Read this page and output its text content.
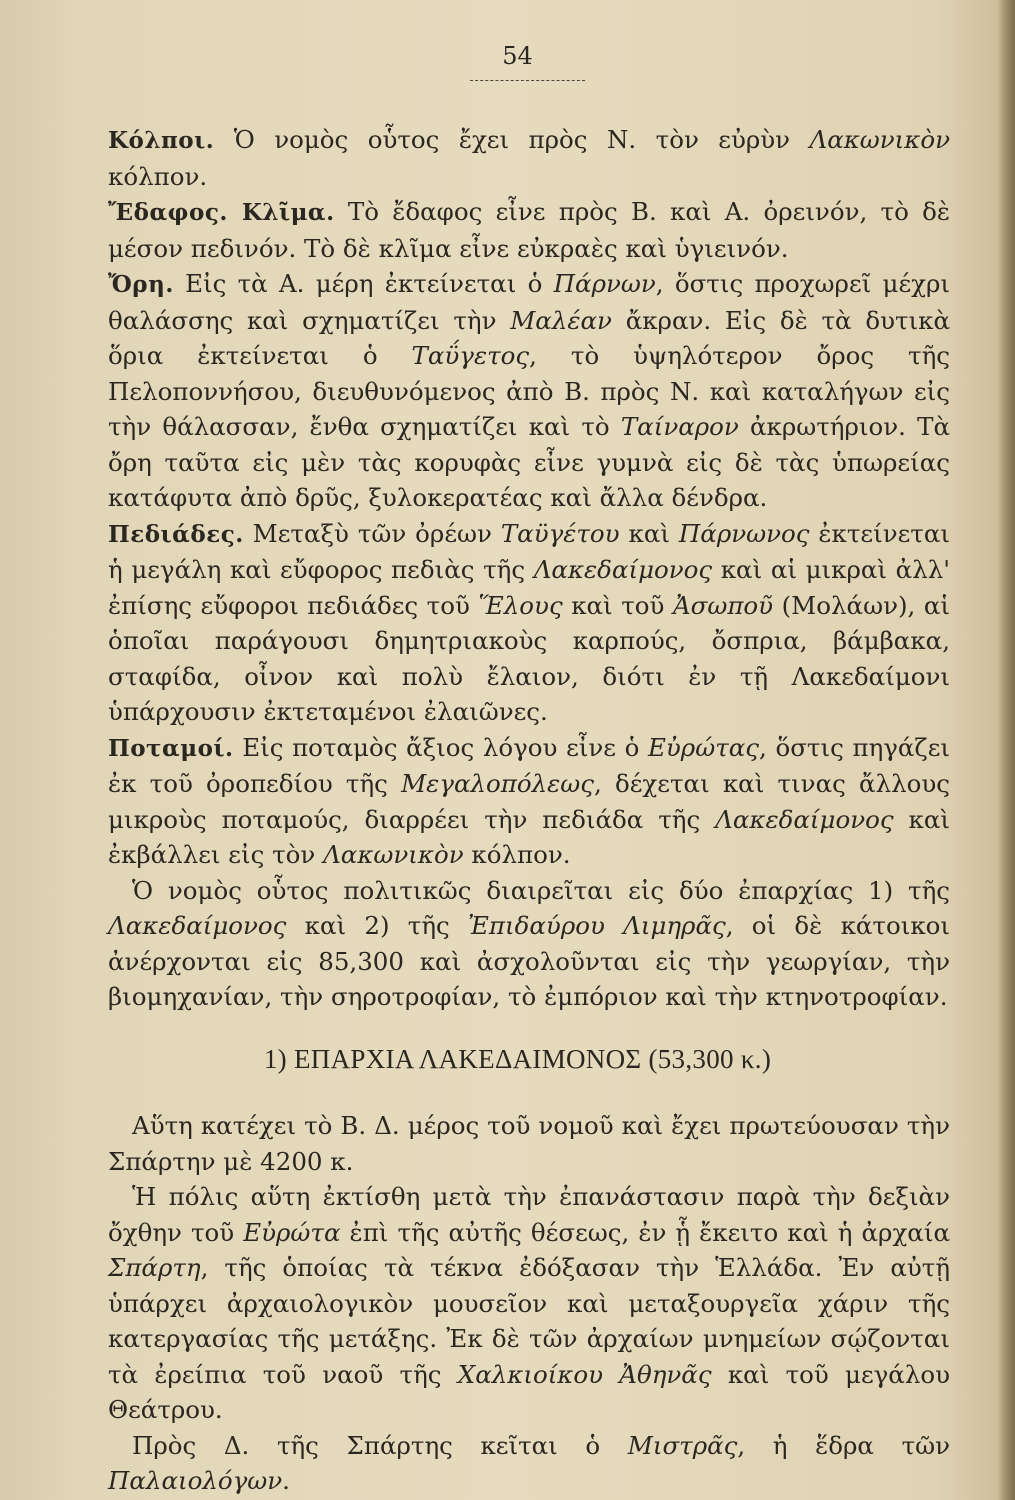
54

Κόλποι. Ὁ νομὸς οὗτος ἔχει πρὸς Ν. τὸν εὐρὺν Λακωνικὸν κόλπον.

Ἔδαφος. Κλῖμα. Τὸ ἔδαφος εἶνε πρὸς Β. καὶ Α. ὀρεινόν, τὸ δὲ μέσον πεδινόν. Τὸ δὲ κλῖμα εἶνε εὐκραὲς καὶ ὑγιεινόν.

Ὄρη. Εἰς τὰ Α. μέρη ἐκτείνεται ὁ Πάρνων, ὅστις προχωρεῖ μέχρι θαλάσσης καὶ σχηματίζει τὴν Μαλέαν ἄκραν. Εἰς δὲ τὰ δυτικὰ ὅρια ἐκτείνεται ὁ Ταΰγετος, τὸ ὑψηλότερον ὄρος τῆς Πελοποννήσου, διευθυνόμενος ἀπὸ Β. πρὸς Ν. καὶ καταλήγων εἰς τὴν θάλασσαν, ἔνθα σχηματίζει καὶ τὸ Ταίναρον ἀκρωτήριον. Τὰ ὄρη ταῦτα εἰς μὲν τὰς κορυφὰς εἶνε γυμνὰ εἰς δὲ τὰς ὑπωρείας κατάφυτα ἀπὸ δρῦς, ξυλοκερατέας καὶ ἄλλα δένδρα.

Πεδιάδες. Μεταξὺ τῶν ὀρέων Ταϋγέτου καὶ Πάρνωνος ἐκτείνεται ἡ μεγάλη καὶ εὔφορος πεδιὰς τῆς Λακεδαίμονος καὶ αἱ μικραὶ ἀλλ' ἐπίσης εὔφοροι πεδιάδες τοῦ Ἕλους καὶ τοῦ Ἀσωποῦ (Μολάων), αἱ ὁποῖαι παράγουσι δημητριακοὺς καρπούς, ὄσπρια, βάμβακα, σταφίδα, οἶνον καὶ πολὺ ἔλαιον, διότι ἐν τῇ Λακεδαίμονι ὑπάρχουσιν ἐκτεταμένοι ἐλαιῶνες.

Ποταμοί. Εἰς ποταμὸς ἄξιος λόγου εἶνε ὁ Εὐρώτας, ὅστις πηγάζει ἐκ τοῦ ὀροπεδίου τῆς Μεγαλοπόλεως, δέχεται καὶ τινας ἄλλους μικροὺς ποταμούς, διαρρέει τὴν πεδιάδα τῆς Λακεδαίμονος καὶ ἐκβάλλει εἰς τὸν Λακωνικὸν κόλπον.

Ὁ νομὸς οὗτος πολιτικῶς διαιρεῖται εἰς δύο ἐπαρχίας 1) τῆς Λακεδαίμονος καὶ 2) τῆς Ἐπιδαύρου Λιμηρᾶς, οἱ δὲ κάτοικοι ἀνέρχονται εἰς 85,300 καὶ ἀσχολοῦνται εἰς τὴν γεωργίαν, τὴν βιομηχανίαν, τὴν σηροτροφίαν, τὸ ἐμπόριον καὶ τὴν κτηνοτροφίαν.

1) ΕΠΑΡΧΙΑ ΛΑΚΕΔΑΙΜΟΝΟΣ (53,300 κ.)

Αὕτη κατέχει τὸ Β. Δ. μέρος τοῦ νομοῦ καὶ ἔχει πρωτεύουσαν τὴν Σπάρτην μὲ 4200 κ.

Ἡ πόλις αὕτη ἐκτίσθη μετὰ τὴν ἐπανάστασιν παρὰ τὴν δεξιὰν ὄχθην τοῦ Εὐρώτα ἐπὶ τῆς αὐτῆς θέσεως, ἐν ᾗ ἔκειτο καὶ ἡ ἀρχαία Σπάρτη, τῆς ὁποίας τὰ τέκνα ἐδόξασαν τὴν Ἑλλάδα. Ἐν αὐτῇ ὑπάρχει ἀρχαιολογικὸν μουσεῖον καὶ μεταξουργεῖα χάριν τῆς κατεργασίας τῆς μετάξης. Ἐκ δὲ τῶν ἀρχαίων μνημείων σῴζονται τὰ ἐρείπια τοῦ ναοῦ τῆς Χαλκιοίκου Ἀθηνᾶς καὶ τοῦ μεγάλου Θεάτρου.

Πρὸς Δ. τῆς Σπάρτης κεῖται ὁ Μιστρᾶς, ἡ ἕδρα τῶν Παλαιολόγων.
